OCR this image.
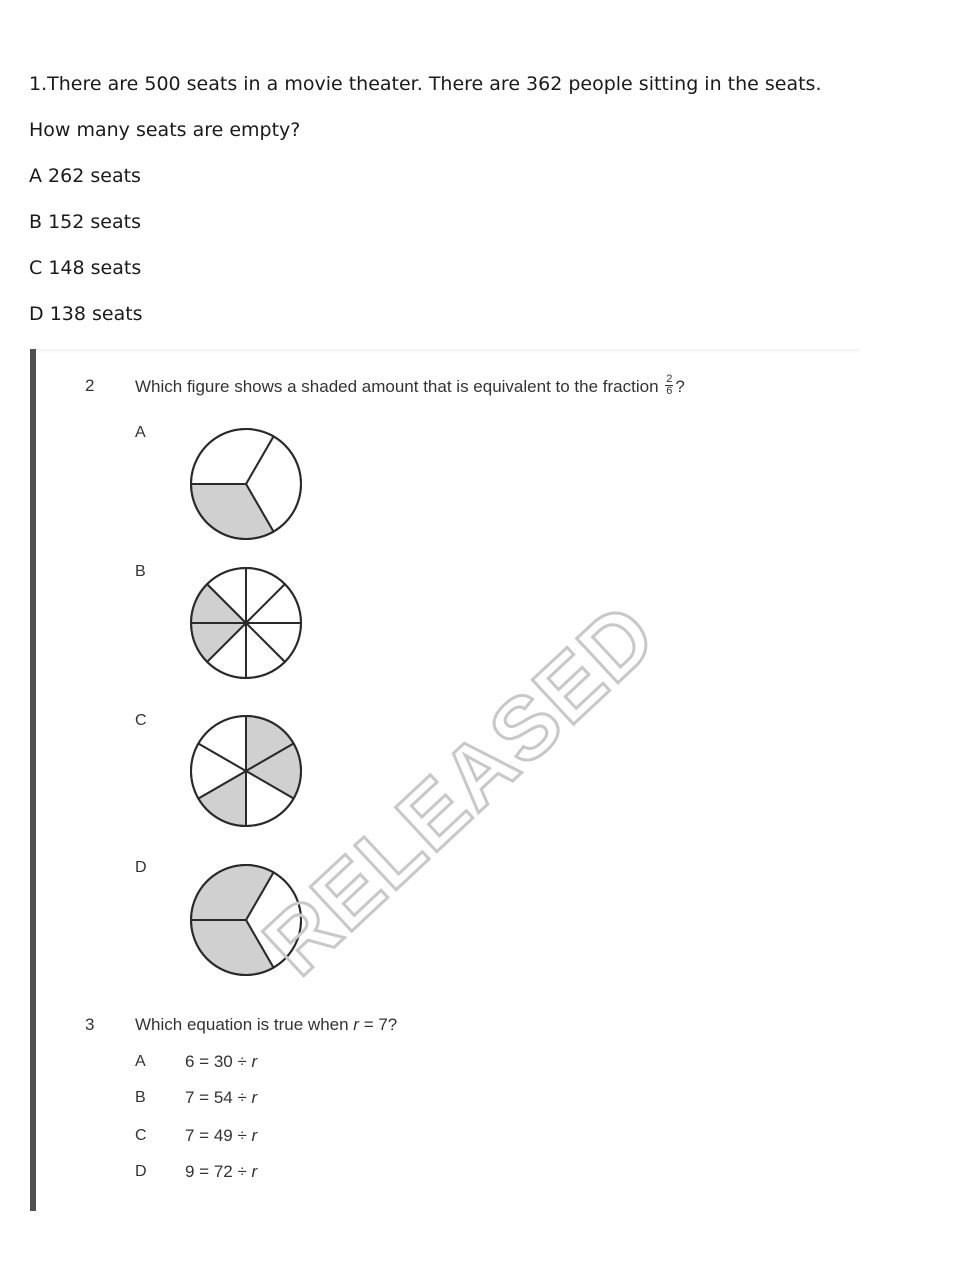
1.There are 500 seats in a movie theater. There are 362 people sitting in the seats.

How many seats are empty?

A 262 seats

B 152 seats

C 148 seats

D 138 seats

2 Which figure shows a shaded amount that is equivalent to the fraction $\frac{2}{6}$ ?
A
B
C
D
3 Which equation is true when r = 7?
A 6 = 30 ÷ r
B 7 = 54 ÷ r
C 7 = 49 ÷ r
D 9 = 72 ÷ r
RELEASED
